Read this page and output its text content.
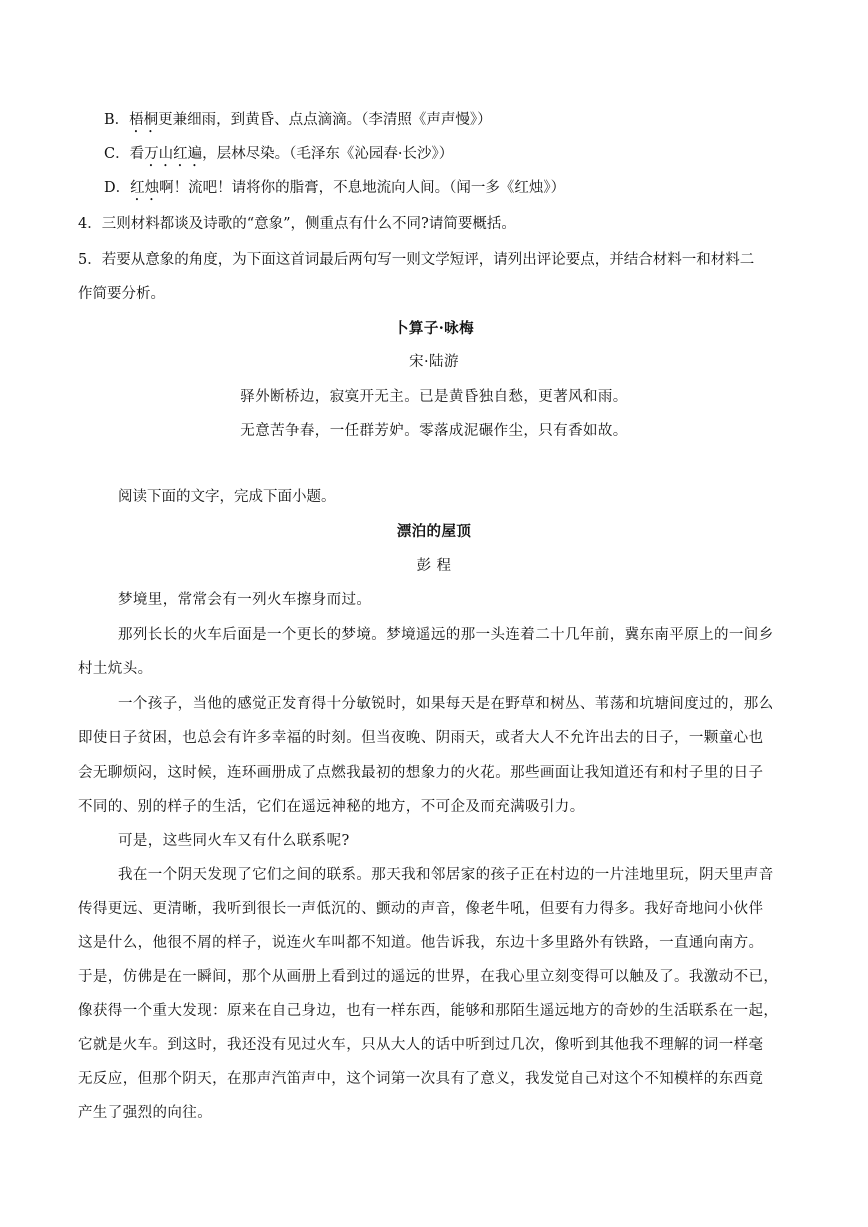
B．梧桐更兼细雨，到黄昏、点点滴滴。（李清照《声声慢》）
C．看万山红遍，层林尽染。（毛泽东《沁园春·长沙》）
D．红烛啊！流吧！请将你的脂膏，不息地流向人间。（闻一多《红烛》）
4．三则材料都谈及诗歌的“意象”，侧重点有什么不同?请简要概括。
5．若要从意象的角度，为下面这首词最后两句写一则文学短评，请列出评论要点，并结合材料一和材料二
作简要分析。
卜算子·咏梅
宋·陆游
驿外断桥边，寂寞开无主。已是黄昏独自愁，更著风和雨。
无意苦争春，一任群芳妒。零落成泥碾作尘，只有香如故。
阅读下面的文字，完成下面小题。
漂泊的屋顶
彭 程
梦境里，常常会有一列火车擦身而过。
那列长长的火车后面是一个更长的梦境。梦境遥远的那一头连着二十几年前，冀东南平原上的一间乡
村土炕头。
一个孩子，当他的感觉正发育得十分敏锐时，如果每天是在野草和树丛、苇荡和坑塘间度过的，那么
即使日子贫困，也总会有许多幸福的时刻。但当夜晚、阴雨天，或者大人不允许出去的日子，一颗童心也
会无聊烦闷，这时候，连环画册成了点燃我最初的想象力的火花。那些画面让我知道还有和村子里的日子
不同的、别的样子的生活，它们在遥远神秘的地方，不可企及而充满吸引力。
可是，这些同火车又有什么联系呢?
我在一个阴天发现了它们之间的联系。那天我和邻居家的孩子正在村边的一片洼地里玩，阴天里声音
传得更远、更清晰，我听到很长一声低沉的、颤动的声音，像老牛吼，但要有力得多。我好奇地问小伙伴
这是什么，他很不屑的样子，说连火车叫都不知道。他告诉我，东边十多里路外有铁路，一直通向南方。
于是，仿佛是在一瞬间，那个从画册上看到过的遥远的世界，在我心里立刻变得可以触及了。我激动不已，
像获得一个重大发现：原来在自己身边，也有一样东西，能够和那陌生遥远地方的奇妙的生活联系在一起，
它就是火车。到这时，我还没有见过火车，只从大人的话中听到过几次，像听到其他我不理解的词一样毫
无反应，但那个阴天，在那声汽笛声中，这个词第一次具有了意义，我发觉自己对这个不知模样的东西竟
产生了强烈的向往。
